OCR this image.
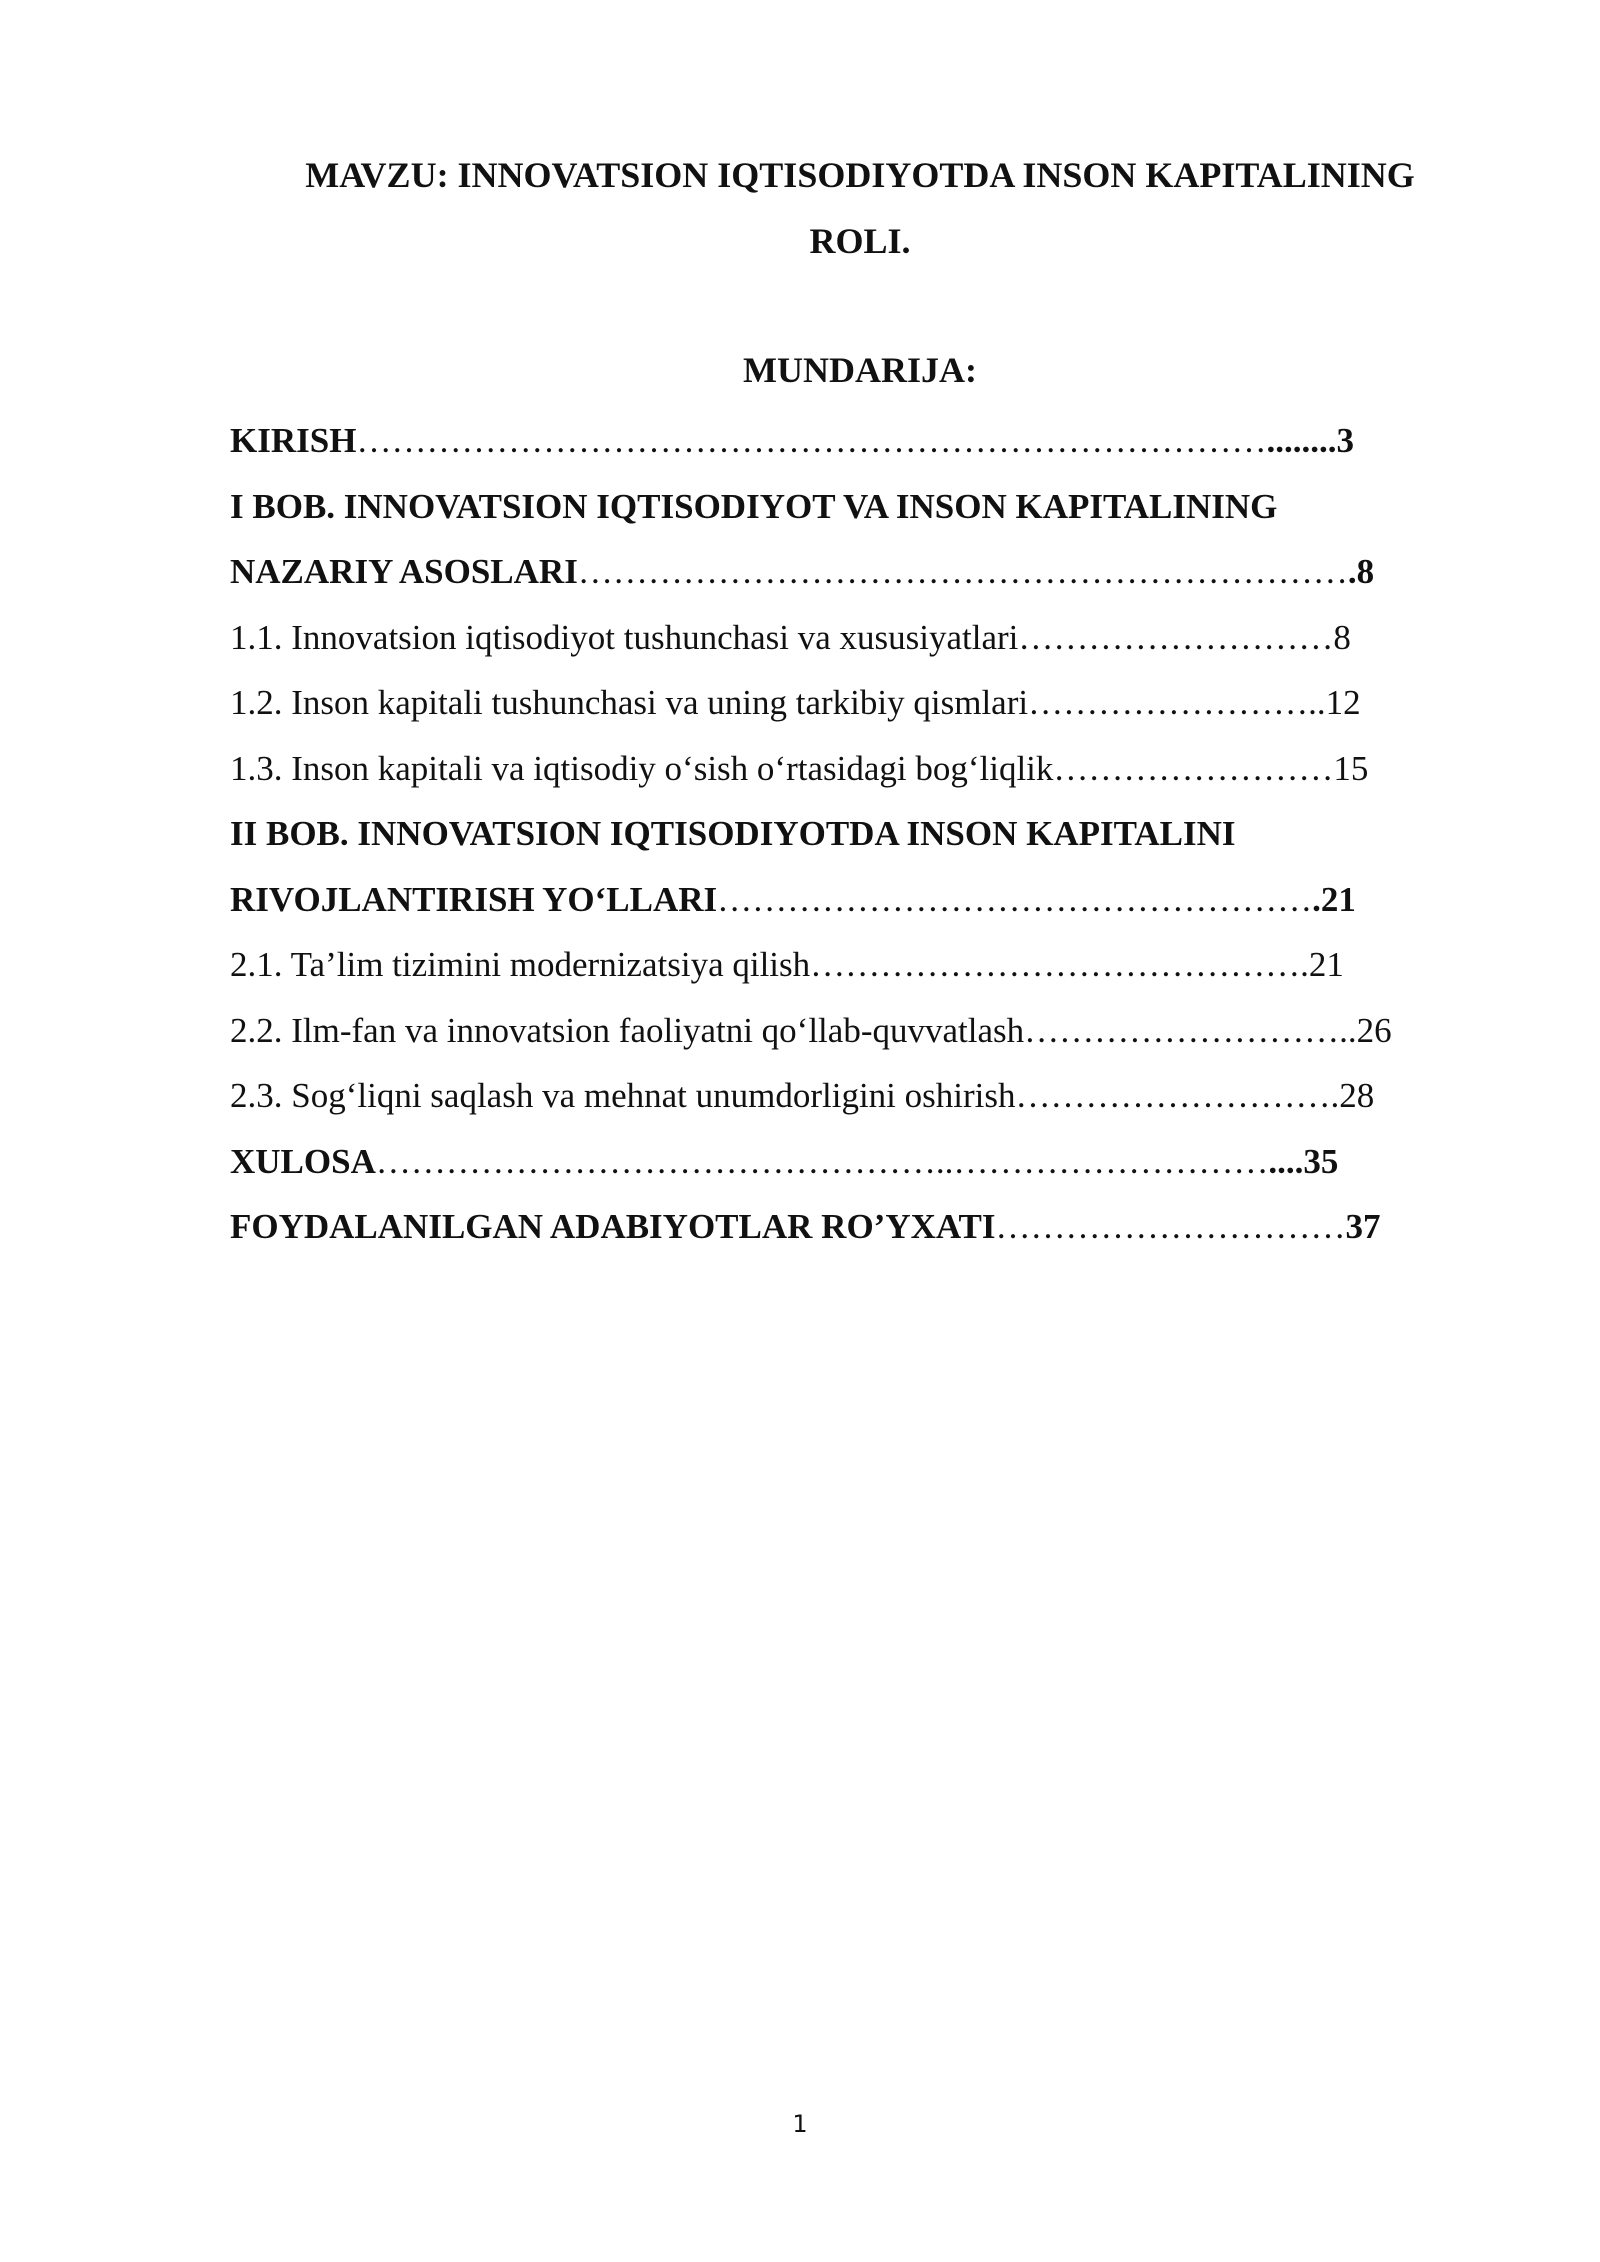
MAVZU: INNOVATSION IQTISODIYOTDA INSON KAPITALINING
ROLI.
MUNDARIJA:
KIRISH……………………………………………………………………........3
I BOB. INNOVATSION IQTISODIYOT VA INSON KAPITALINING
NAZARIY ASOSLARI………………………………………………………….8
1.1. Innovatsion iqtisodiyot tushunchasi va xususiyatlari………………………8
1.2. Inson kapitali tushunchasi va uning tarkibiy qismlari……………………..12
1.3. Inson kapitali va iqtisodiy o‘sish o‘rtasidagi bog‘liqlik……………………15
II BOB. INNOVATSION IQTISODIYOTDA INSON KAPITALINI
RIVOJLANTIRISH YO‘LLARI…………………………………………….21
2.1. Ta’lim tizimini modernizatsiya qilish…………………………………….21
2.2. Ilm-fan va innovatsion faoliyatni qo‘llab-quvvatlash………………………..26
2.3. Sog‘liqni saqlash va mehnat unumdorligini oshirish……………………….28
XULOSA…………………………………………..………………………....35
FOYDALANILGAN ADABIYOTLAR RO’YXATI…………………………37
1
